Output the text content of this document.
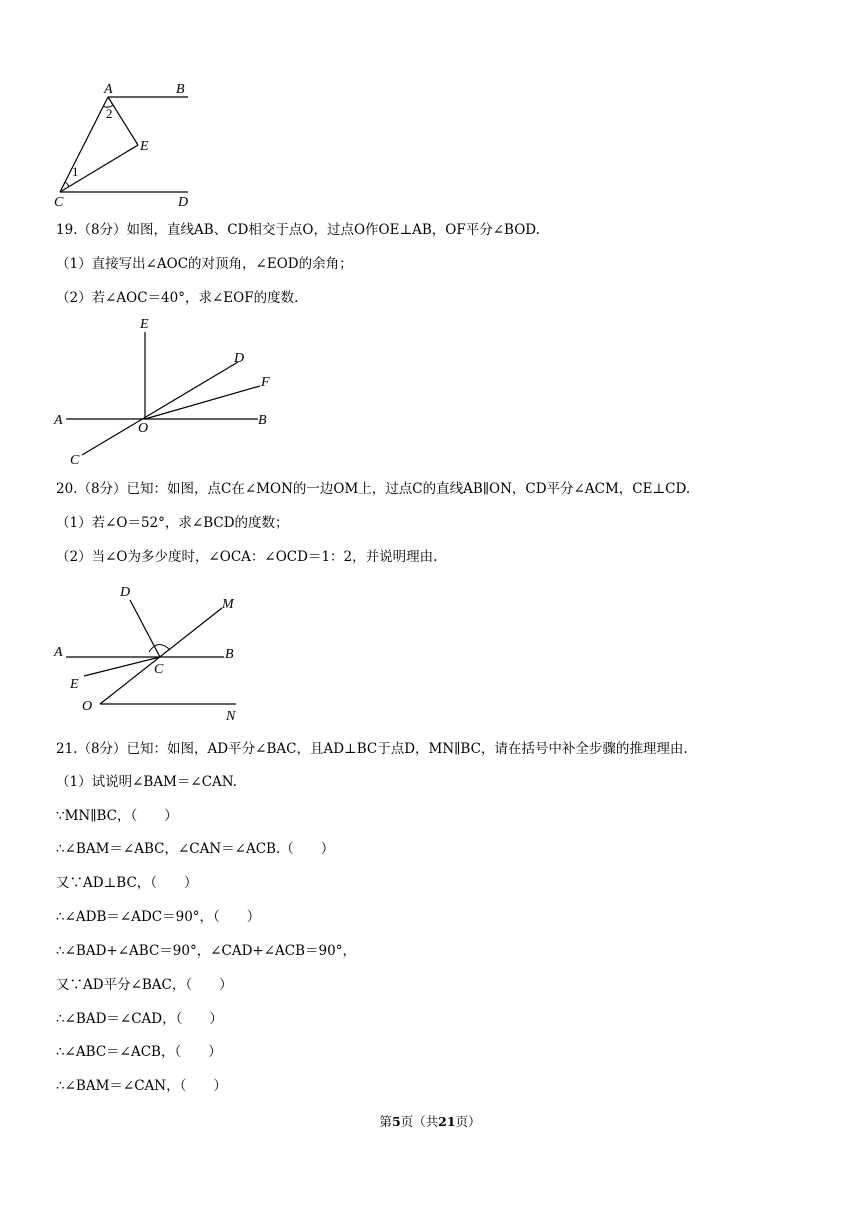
A	B
E
C	D
2
1
19.（8分）如图，直线AB、CD相交于点O，过点O作OE⊥AB，OF平分∠BOD.
（1）直接写出∠AOC的对顶角，∠EOD的余角；
（2）若∠AOC＝40°，求∠EOF的度数.
E
D
F
A	B
O
C
20.（8分）已知：如图，点C在∠MON的一边OM上，过点C的直线AB∥ON，CD平分∠ACM，CE⊥CD.
（1）若∠O＝52°，求∠BCD的度数；
（2）当∠O为多少度时，∠OCA：∠OCD＝1：2，并说明理由.
D
M
A	B
C
E
O
N
21.（8分）已知：如图，AD平分∠BAC，且AD⊥BC于点D，MN∥BC，请在括号中补全步骤的推理理由.
（1）试说明∠BAM＝∠CAN.
∵MN∥BC，（　　）
∴∠BAM＝∠ABC，∠CAN＝∠ACB.（　　）
又∵AD⊥BC，（　　）
∴∠ADB＝∠ADC＝90°，（　　）
∴∠BAD+∠ABC＝90°，∠CAD+∠ACB＝90°，
又∵AD平分∠BAC，（　　）
∴∠BAD＝∠CAD，（　　）
∴∠ABC＝∠ACB，（　　）
∴∠BAM＝∠CAN，（　　）
第5页（共21页）
